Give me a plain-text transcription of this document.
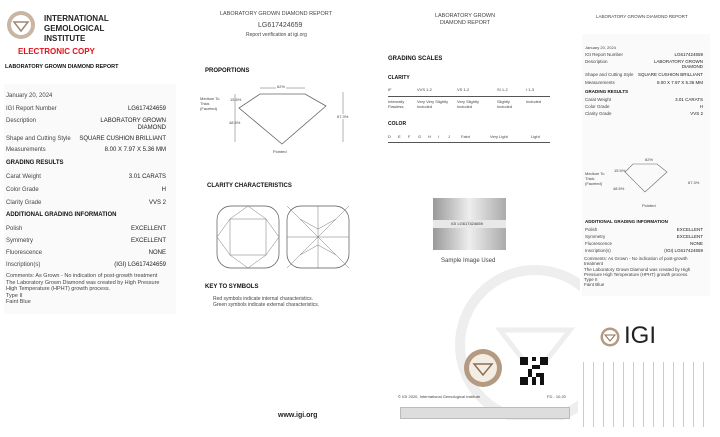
INTERNATIONAL
GEMOLOGICAL
INSTITUTE
ELECTRONIC COPY
LABORATORY GROWN DIAMOND REPORT
January 20, 2024
IGI Report Number	LG617424659
Description	LABORATORY GROWN DIAMOND
Shape and Cutting Style SQUARE CUSHION BRILLIANT
Measurements	8.00 X 7.97 X 5.36 MM
Carat Weight	3.01 CARATS
Color Grade	H
Clarity Grade	VVS 2
Polish	EXCELLENT
Symmetry	EXCELLENT
Fluorescence	NONE
Inscription(s)	(IGI) LG617424659
GRADING RESULTS
ADDITIONAL GRADING INFORMATION
Comments: As Grown - No indication of post-growth treatment
The Laboratory Grown Diamond was created by High Pressure High Temperature (HPHT) growth process.
Type II
Faint Blue
LABORATORY GROWN DIAMOND REPORT
LG617424659
Report verification at igi.org
PROPORTIONS
62%
15.5%
48.5%
67.3%
Medium To Thick (Faceted)
Pointed
CLARITY CHARACTERISTICS
KEY TO SYMBOLS
Red symbols indicate internal characteristics.
Green symbols indicate external characteristics.
www.igi.org
LABORATORY GROWN
DIAMOND REPORT
GRADING SCALES
CLARITY
IF
Internally Flawless
VVS 1-2
Very Very Slightly Included
VS 1-2
Very Slightly Included
SI 1-2
Slightly Included
I 1-3
Included
COLOR
D E F G H I J	Faint	Very Light	Light
IGI LG617424659
Sample Image Used
© IGI 2020, International Gemological Institute	FD - 10.20
LABORATORY GROWN DIAMOND REPORT
January 20, 2024
GRADING RESULTS
ADDITIONAL GRADING INFORMATION
IGI Report Number	LG617424659
Description	LABORATORY GROWN DIAMOND
Shape and Cutting Style SQUARE CUSHION BRILLIANT
Measurements	8.00 X 7.97 X 5.36 MM
Carat Weight	3.01 CARATS
Color Grade	H
Clarity Grade	VVS 2
Polish	EXCELLENT
Symmetry	EXCELLENT
Fluorescence	NONE
Inscription(s)	(IGI) LG617424659
62%
67.3%
15.5%
48.5%
Medium To Thick (Faceted)
Pointed
Comments: As Grown - No indication of post-growth treatment
The Laboratory Grown Diamond was created by High Pressure High Temperature (HPHT) growth process.
Type II
Faint Blue
IGI
